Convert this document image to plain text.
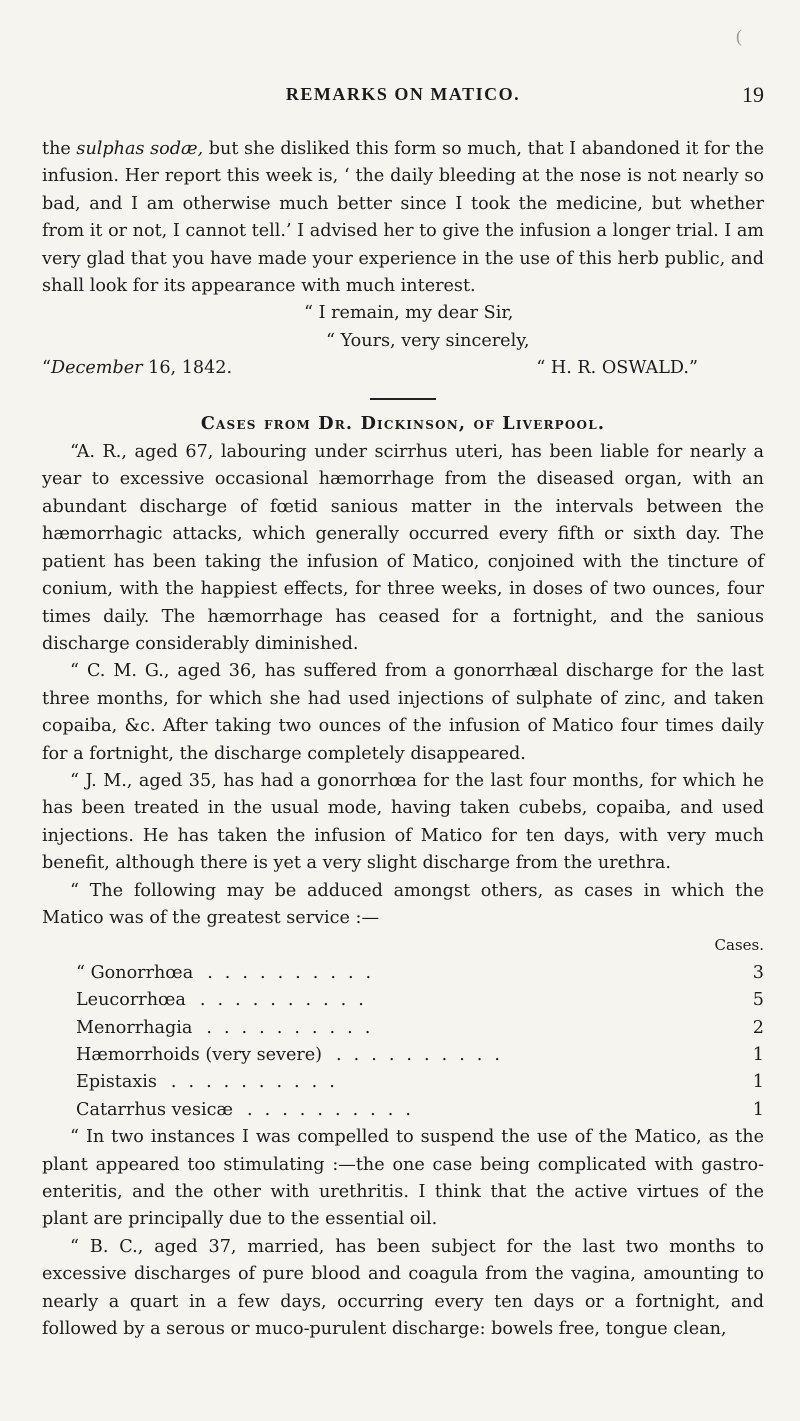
(
REMARKS ON MATICO.	19

the sulphas sodæ, but she disliked this form so much, that I abandoned it for the infusion. Her report this week is, ‘ the daily bleeding at the nose is not nearly so bad, and I am otherwise much better since I took the medicine, but whether from it or not, I cannot tell.’ I advised her to give the infusion a longer trial. I am very glad that you have made your experience in the use of this herb public, and shall look for its appearance with much interest.

“ I remain, my dear Sir,

“ Yours, very sincerely,

“December 16, 1842.	“ H. R. OSWALD.”
Cases from Dr. Dickinson, of Liverpool.

“A. R., aged 67, labouring under scirrhus uteri, has been liable for nearly a year to excessive occasional hæmorrhage from the diseased organ, with an abundant discharge of fœtid sanious matter in the intervals between the hæmorrhagic attacks, which generally occurred every fifth or sixth day. The patient has been taking the infusion of Matico, conjoined with the tincture of conium, with the happiest effects, for three weeks, in doses of two ounces, four times daily. The hæmorrhage has ceased for a fortnight, and the sanious discharge considerably diminished.

“ C. M. G., aged 36, has suffered from a gonorrhæal discharge for the last three months, for which she had used injections of sulphate of zinc, and taken copaiba, &c. After taking two ounces of the infusion of Matico four times daily for a fortnight, the discharge completely disappeared.

“ J. M., aged 35, has had a gonorrhœa for the last four months, for which he has been treated in the usual mode, having taken cubebs, copaiba, and used injections. He has taken the infusion of Matico for ten days, with very much benefit, although there is yet a very slight discharge from the urethra.

“ The following may be adduced amongst others, as cases in which the Matico was of the greatest service :—

Cases.
“ Gonorrhœa ..........	3
Leucorrhœa ..........	5
Menorrhagia ..........	2
Hæmorrhoids (very severe) ..........	1
Epistaxis ..........	1
Catarrhus vesicæ ..........	1

“ In two instances I was compelled to suspend the use of the Matico, as the plant appeared too stimulating :—the one case being complicated with gastro-enteritis, and the other with urethritis. I think that the active virtues of the plant are principally due to the essential oil.

“ B. C., aged 37, married, has been subject for the last two months to excessive discharges of pure blood and coagula from the vagina, amounting to nearly a quart in a few days, occurring every ten days or a fortnight, and followed by a serous or muco-purulent discharge: bowels free, tongue clean,
